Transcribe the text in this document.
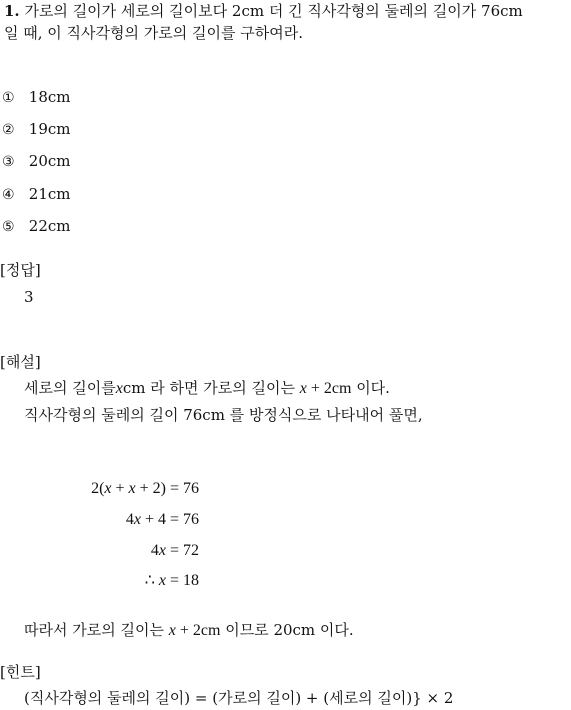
1. 가로의 길이가 세로의 길이보다 2cm 더 긴 직사각형의 둘레의 길이가 76cm
일 때, 이 직사각형의 가로의 길이를 구하여라.
① 18cm
② 19cm
③ 20cm
④ 21cm
⑤ 22cm
[정답]
3
[해설]
세로의 길이를xcm 라 하면 가로의 길이는 x + 2cm 이다.
직사각형의 둘레의 길이 76cm 를 방정식으로 나타내어 풀면,
2(x + x + 2) = 76
4x + 4 = 76
4x = 72
∴ x = 18
따라서 가로의 길이는 x + 2cm 이므로 20cm 이다.
[힌트]
(직사각형의 둘레의 길이) = (가로의 길이) + (세로의 길이)} × 2
